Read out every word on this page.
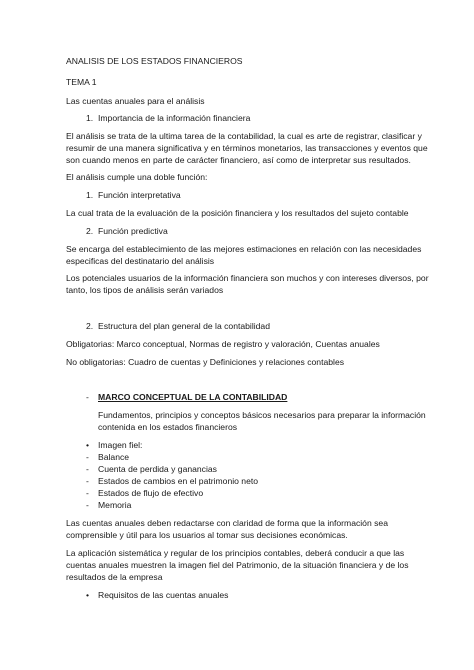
ANALISIS DE LOS ESTADOS FINANCIEROS
TEMA 1
Las cuentas anuales para el análisis
1. Importancia de la información financiera
El análisis se trata de la ultima tarea de la contabilidad, la cual es arte de registrar, clasificar y
resumir de una manera significativa y en términos monetarios, las transacciones y eventos que
son cuando menos en parte de carácter financiero, así como de interpretar sus resultados.
El análisis cumple una doble función:
1. Función interpretativa
La cual trata de la evaluación de la posición financiera y los resultados del sujeto contable
2. Función predictiva
Se encarga del establecimiento de las mejores estimaciones en relación con las necesidades
especificas del destinatario del análisis
Los potenciales usuarios de la información financiera son muchos y con intereses diversos, por
tanto, los tipos de análisis serán variados
2. Estructura del plan general de la contabilidad
Obligatorias: Marco conceptual, Normas de registro y valoración, Cuentas anuales
No obligatorias: Cuadro de cuentas y Definiciones y relaciones contables
- MARCO CONCEPTUAL DE LA CONTABILIDAD
Fundamentos, principios y conceptos básicos necesarios para preparar la información
contenida en los estados financieros
• Imagen fiel:
- Balance
- Cuenta de perdida y ganancias
- Estados de cambios en el patrimonio neto
- Estados de flujo de efectivo
- Memoria
Las cuentas anuales deben redactarse con claridad de forma que la información sea
comprensible y útil para los usuarios al tomar sus decisiones económicas.
La aplicación sistemática y regular de los principios contables, deberá conducir a que las
cuentas anuales muestren la imagen fiel del Patrimonio, de la situación financiera y de los
resultados de la empresa
• Requisitos de las cuentas anuales
